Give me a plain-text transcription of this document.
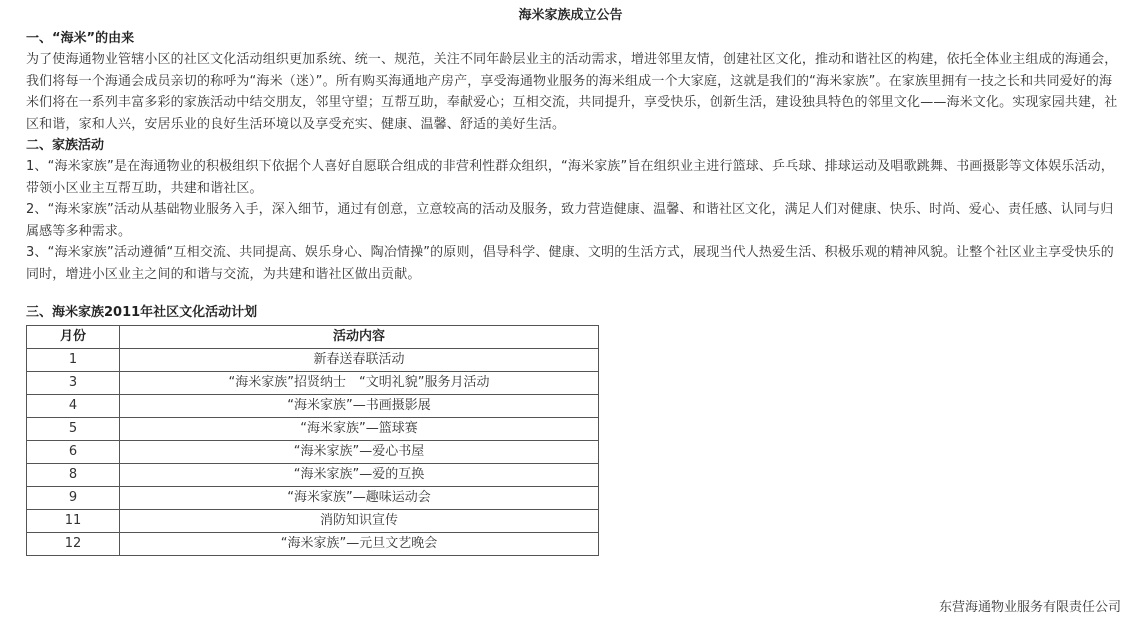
海米家族成立公告
一、“海米”的由来

为了使海通物业管辖小区的社区文化活动组织更加系统、统一、规范，关注不同年龄层业主的活动需求，增进邻里友情，创建社区文化，推动和谐社区的构建，依托全体业主组成的海通会，我们将每一个海通会成员亲切的称呼为“海米（迷）”。所有购买海通地产房产，享受海通物业服务的海米组成一个大家庭，这就是我们的“海米家族”。在家族里拥有一技之长和共同爱好的海米们将在一系列丰富多彩的家族活动中结交朋友，邻里守望；互帮互助，奉献爱心；互相交流，共同提升，享受快乐，创新生活，建设独具特色的邻里文化——海米文化。实现家园共建，社区和谐，家和人兴，安居乐业的良好生活环境以及享受充实、健康、温馨、舒适的美好生活。

二、家族活动

1、“海米家族”是在海通物业的积极组织下依据个人喜好自愿联合组成的非营利性群众组织，“海米家族”旨在组织业主进行篮球、乒乓球、排球运动及唱歌跳舞、书画摄影等文体娱乐活动，带领小区业主互帮互助，共建和谐社区。

2、“海米家族”活动从基础物业服务入手，深入细节，通过有创意，立意较高的活动及服务，致力营造健康、温馨、和谐社区文化，满足人们对健康、快乐、时尚、爱心、责任感、认同与归属感等多种需求。

3、“海米家族”活动遵循“互相交流、共同提高、娱乐身心、陶冶情操”的原则，倡导科学、健康、文明的生活方式，展现当代人热爱生活、积极乐观的精神风貌。让整个社区业主享受快乐的同时，增进小区业主之间的和谐与交流，为共建和谐社区做出贡献。

三、海米家族2011年社区文化活动计划
月份	活动内容
1	新春送春联活动
3	“海米家族”招贤纳士　“文明礼貌”服务月活动
4	“海米家族”—书画摄影展
5	“海米家族”—篮球赛
6	“海米家族”—爱心书屋
8	“海米家族”—爱的互换
9	“海米家族”—趣味运动会
11	消防知识宣传
12	“海米家族”—元旦文艺晚会
东营海通物业服务有限责任公司
